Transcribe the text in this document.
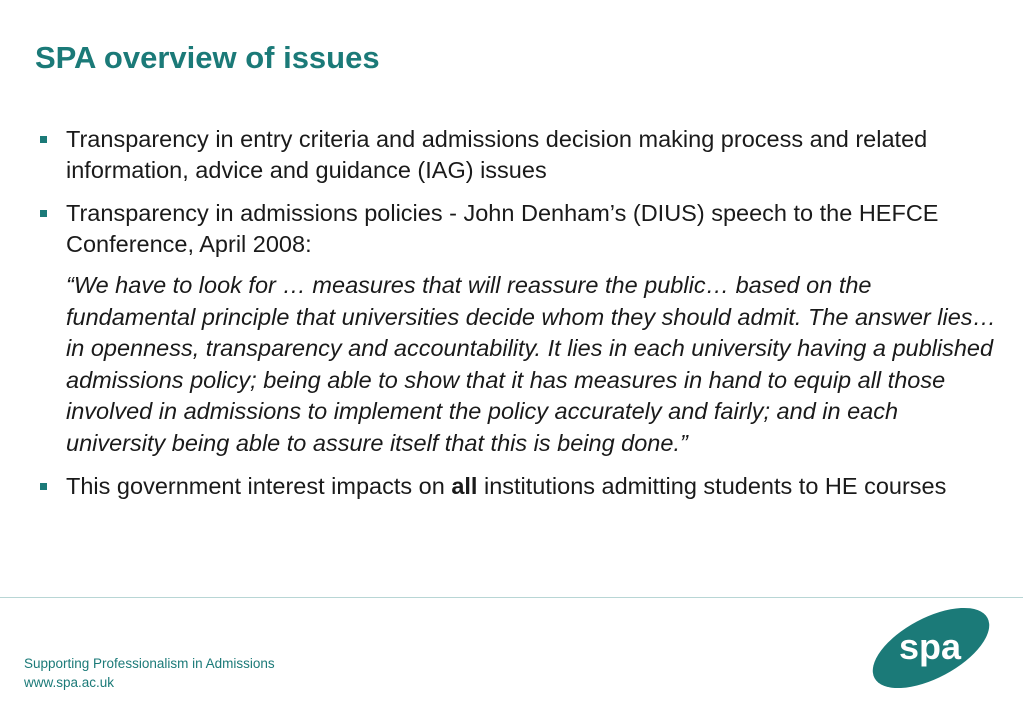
SPA overview of issues
Transparency in entry criteria and admissions decision making process and related information, advice and guidance (IAG) issues
Transparency in admissions policies - John Denham’s (DIUS) speech to the HEFCE Conference, April 2008:

“We have to look for … measures that will reassure the public… based on the fundamental principle that universities decide whom they should admit. The answer lies… in openness, transparency and accountability. It lies in each university having a published admissions policy; being able to show that it has measures in hand to equip all those involved in admissions to implement the policy accurately and fairly; and in each university being able to assure itself that this is being done.”

This government interest impacts on all institutions admitting students to HE courses
Supporting Professionalism in Admissions
www.spa.ac.uk
spa
